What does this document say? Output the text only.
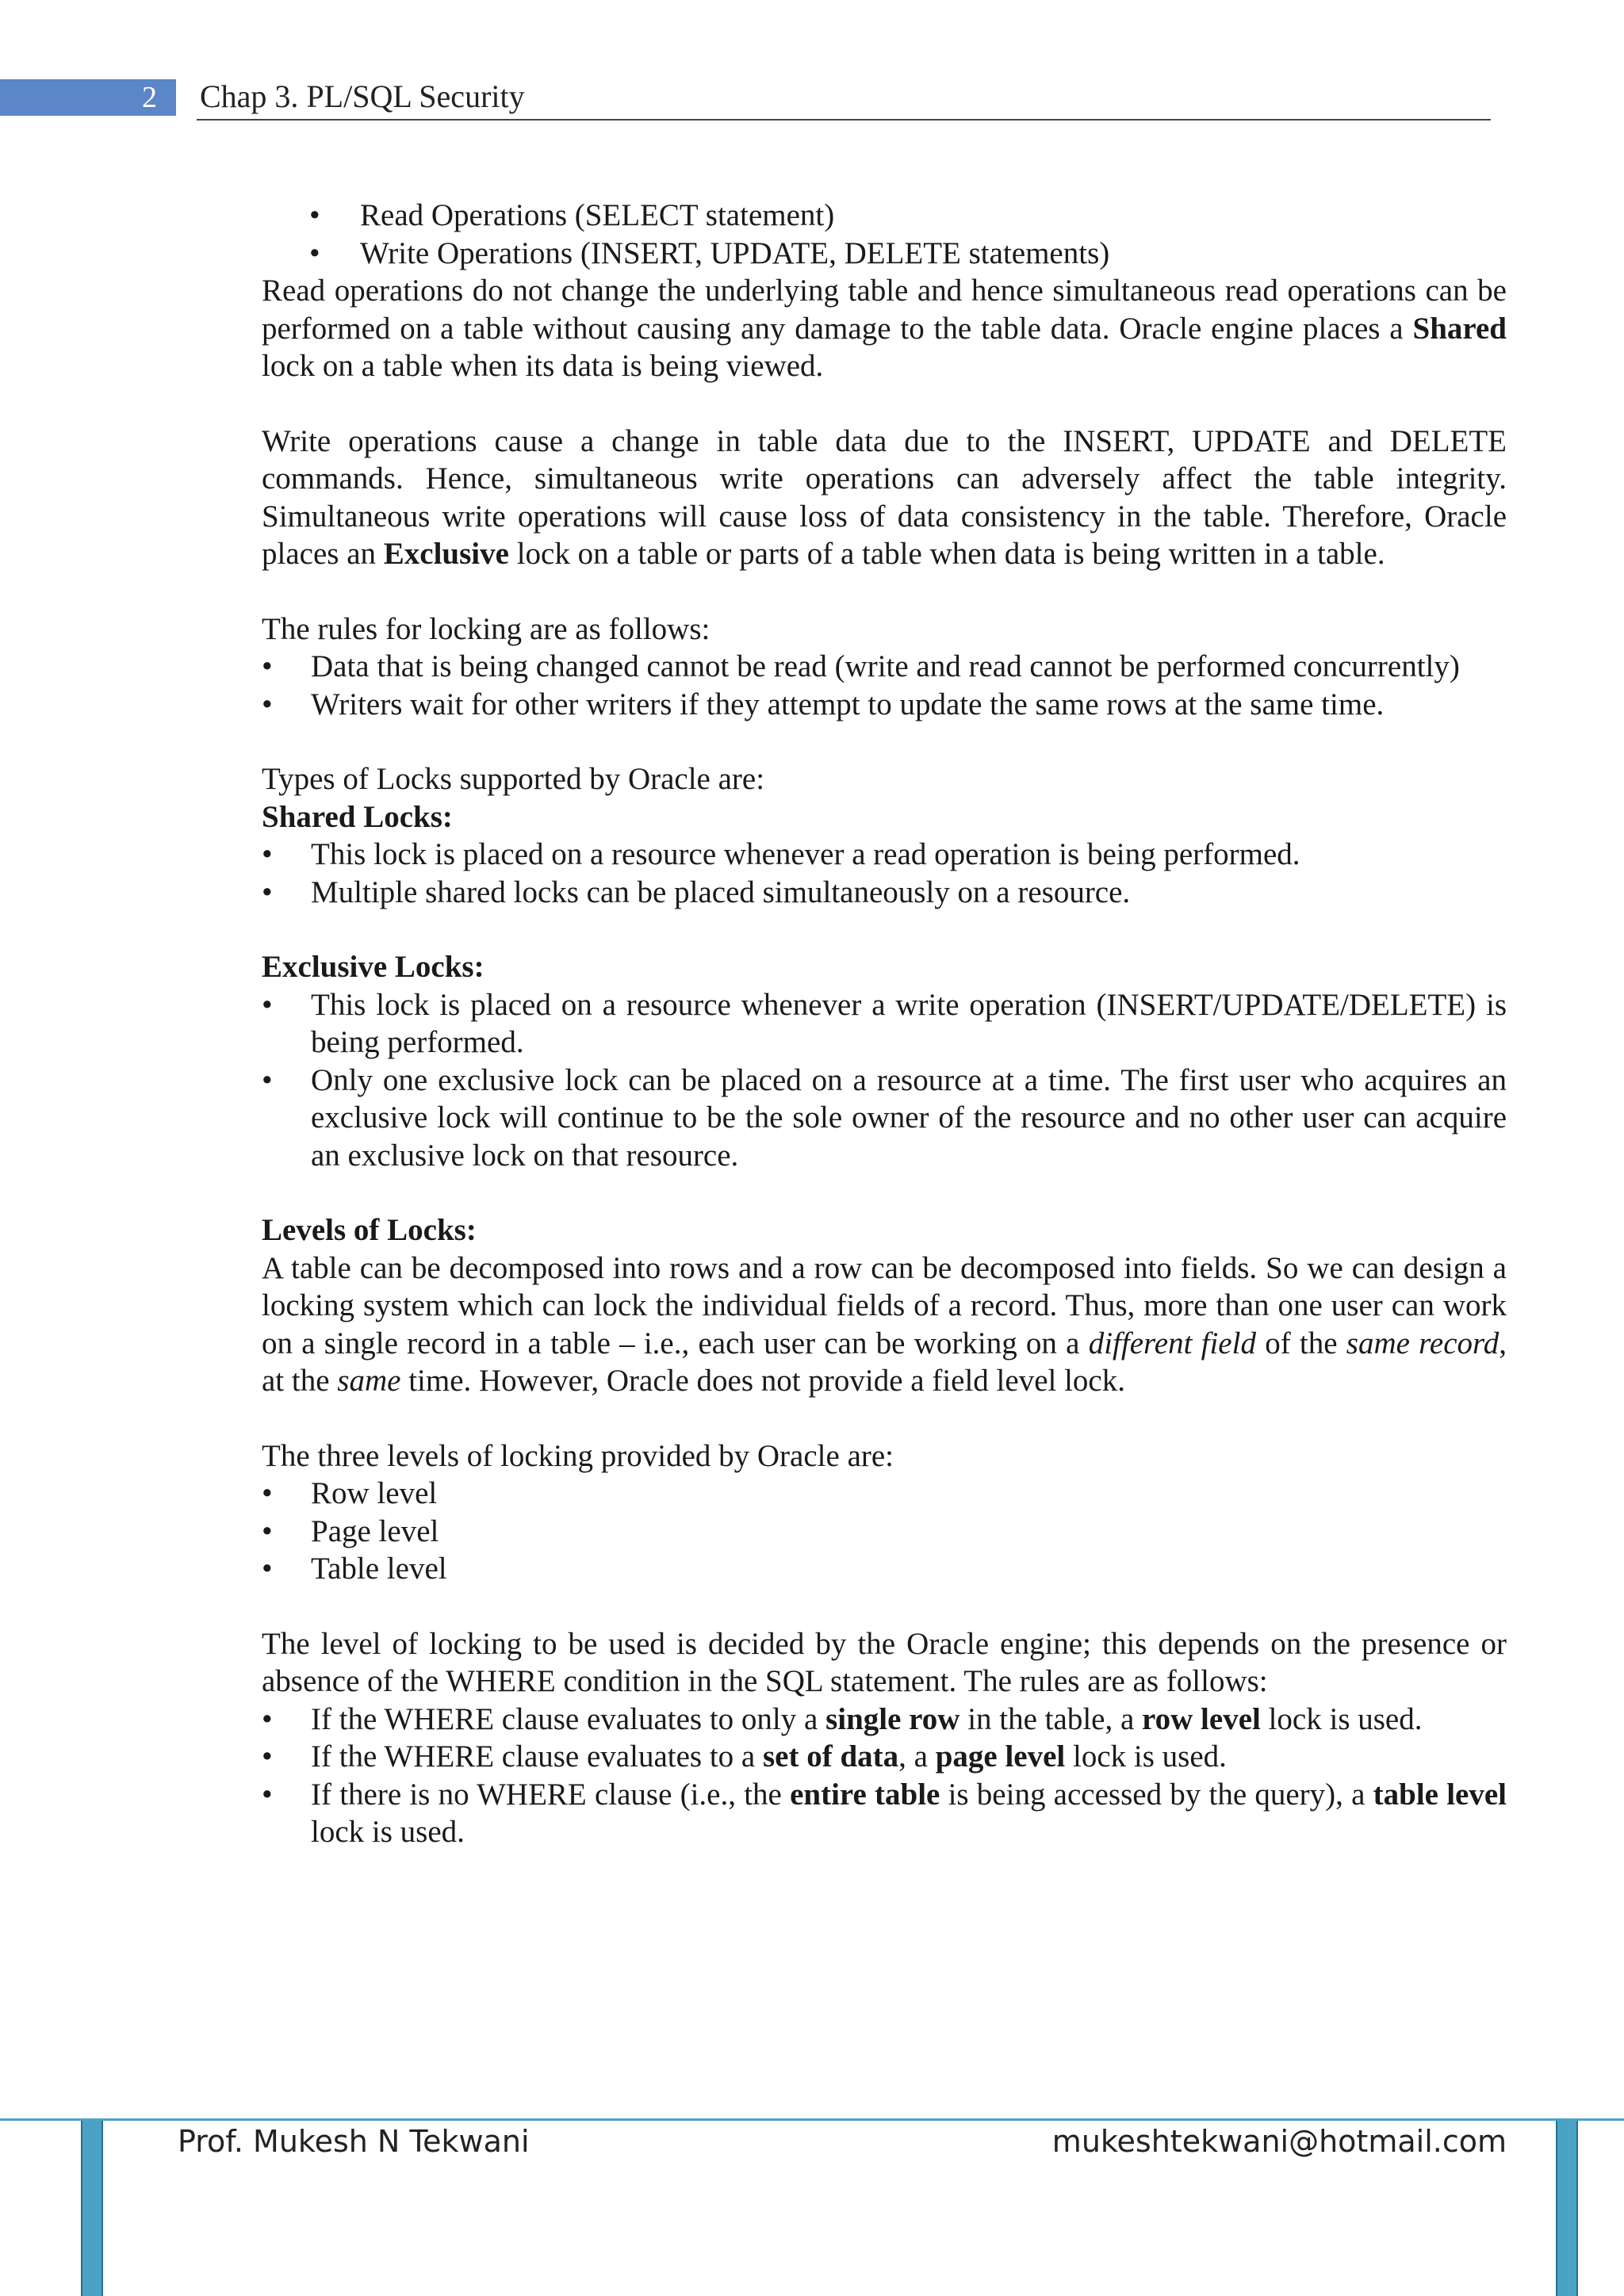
2	Chap 3. PL/SQL Security
• Read Operations (SELECT statement)
• Write Operations (INSERT, UPDATE, DELETE statements)

Read operations do not change the underlying table and hence simultaneous read operations can be performed on a table without causing any damage to the table data. Oracle engine places a Shared lock on a table when its data is being viewed.

Write operations cause a change in table data due to the INSERT, UPDATE and DELETE commands. Hence, simultaneous write operations can adversely affect the table integrity. Simultaneous write operations will cause loss of data consistency in the table. Therefore, Oracle places an Exclusive lock on a table or parts of a table when data is being written in a table.

The rules for locking are as follows:

• Data that is being changed cannot be read (write and read cannot be performed concurrently)
• Writers wait for other writers if they attempt to update the same rows at the same time.

Types of Locks supported by Oracle are:

Shared Locks:

• This lock is placed on a resource whenever a read operation is being performed.
• Multiple shared locks can be placed simultaneously on a resource.

Exclusive Locks:

• This lock is placed on a resource whenever a write operation (INSERT/UPDATE/DELETE) is being performed.
• Only one exclusive lock can be placed on a resource at a time. The first user who acquires an exclusive lock will continue to be the sole owner of the resource and no other user can acquire an exclusive lock on that resource.

Levels of Locks:

A table can be decomposed into rows and a row can be decomposed into fields. So we can design a locking system which can lock the individual fields of a record. Thus, more than one user can work on a single record in a table – i.e., each user can be working on a different field of the same record, at the same time. However, Oracle does not provide a field level lock.

The three levels of locking provided by Oracle are:

• Row level
• Page level
• Table level

The level of locking to be used is decided by the Oracle engine; this depends on the presence or absence of the WHERE condition in the SQL statement. The rules are as follows:

• If the WHERE clause evaluates to only a single row in the table, a row level lock is used.
• If the WHERE clause evaluates to a set of data, a page level lock is used.
• If there is no WHERE clause (i.e., the entire table is being accessed by the query), a table level lock is used.
Prof. Mukesh N Tekwani	mukeshtekwani@hotmail.com
